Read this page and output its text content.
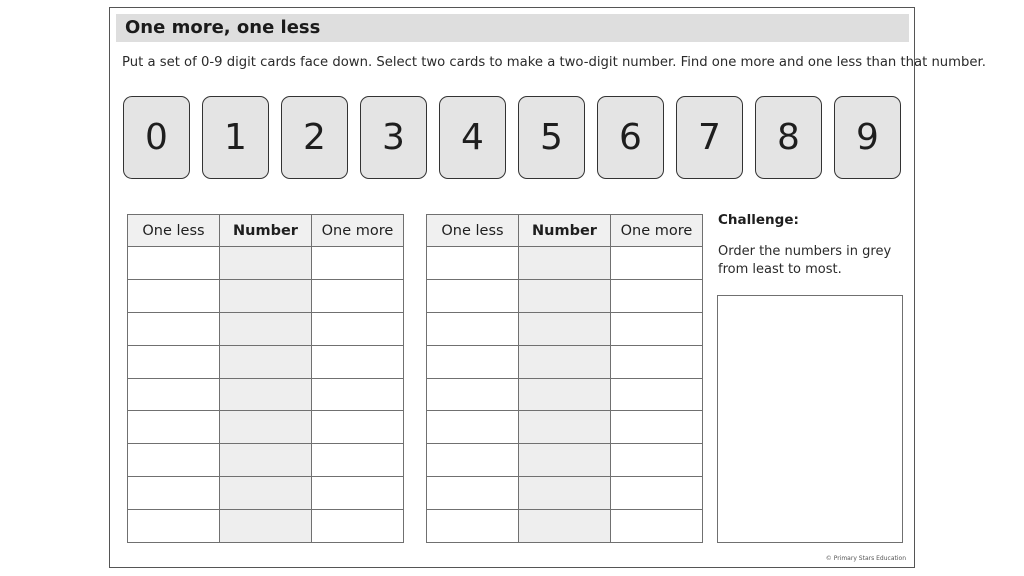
One more, one less
Put a set of 0-9 digit cards face down. Select two cards to make a two-digit number. Find one more and one less than that number.
0	1	2	3	4	5	6	7	8	9
One less	Number	One more

			One less	Number	One more

Challenge:
Order the numbers in grey from least to most.
© Primary Stars Education
